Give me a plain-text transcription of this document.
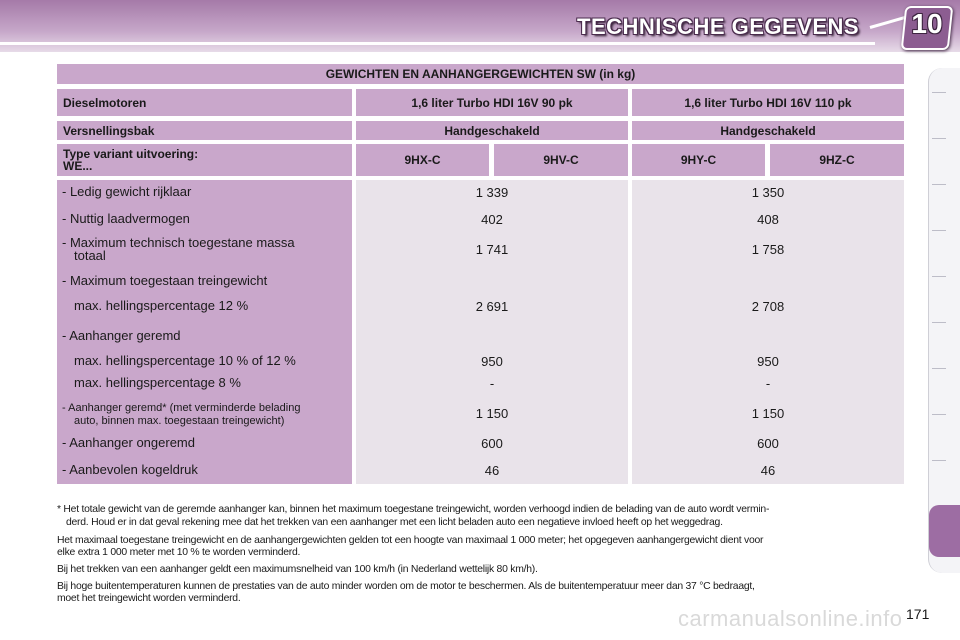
TECHNISCHE GEGEVENS 10
GEWICHTEN EN AANHANGERGEWICHTEN SW (in kg)
Dieselmotoren	1,6 liter Turbo HDI 16V 90 pk	1,6 liter Turbo HDI 16V 110 pk
Versnellingsbak	Handgeschakeld	Handgeschakeld
Type variant uitvoering:
WE...	9HX-C	9HV-C	9HY-C	9HZ-C
- Ledig gewicht rijklaar	1 339	1 350
- Nuttig laadvermogen	402	408
- Maximum technisch toegestane massa
totaal	1 741	1 758
- Maximum toegestaan treingewicht
max. hellingspercentage 12 %	2 691	2 708
- Aanhanger geremd
max. hellingspercentage 10 % of 12 %	950	950
max. hellingspercentage 8 %	-	-
- Aanhanger geremd* (met verminderde belading
auto, binnen max. toegestaan treingewicht)	1 150	1 150
- Aanhanger ongeremd	600	600
- Aanbevolen kogeldruk	46	46
* Het totale gewicht van de geremde aanhanger kan, binnen het maximum toegestane treingewicht, worden verhoogd indien de belading van de auto wordt vermin-
derd. Houd er in dat geval rekening mee dat het trekken van een aanhanger met een licht beladen auto een negatieve invloed heeft op het weggedrag.
Het maximaal toegestane treingewicht en de aanhangergewichten gelden tot een hoogte van maximaal 1 000 meter; het opgegeven aanhangergewicht dient voor
elke extra 1 000 meter met 10 % te worden verminderd.
Bij het trekken van een aanhanger geldt een maximumsnelheid van 100 km/h (in Nederland wettelijk 80 km/h).
Bij hoge buitentemperaturen kunnen de prestaties van de auto minder worden om de motor te beschermen. Als de buitentemperatuur meer dan 37 °C bedraagt,
moet het treingewicht worden verminderd.
carmanualsonline.info 171
